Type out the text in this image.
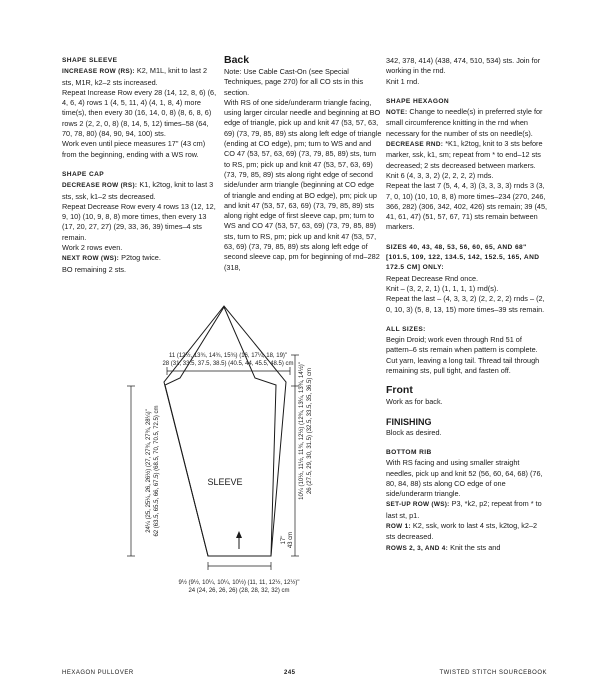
SHAPE SLEEVE

INCREASE ROW (RS): K2, M1L, knit to last 2 sts, M1R, k2–2 sts increased.

Repeat Increase Row every 28 (14, 12, 8, 6) (6, 4, 6, 4) rows 1 (4, 5, 11, 4) (4, 1, 8, 4) more time(s), then every 30 (16, 14, 0, 8) (8, 6, 8, 6) rows 2 (2, 2, 0, 8) (8, 14, 5, 12) times–58 (64, 70, 78, 80) (84, 90, 94, 100) sts.

Work even until piece measures 17" (43 cm) from the beginning, ending with a WS row.

SHAPE CAP

DECREASE ROW (RS): K1, k2tog, knit to last 3 sts, ssk, k1–2 sts decreased.

Repeat Decrease Row every 4 rows 13 (12, 12, 9, 10) (10, 9, 8, 8) more times, then every 13 (17, 20, 27, 27) (29, 33, 36, 39) times–4 sts remain.

Work 2 rows even.

NEXT ROW (WS): P2tog twice.

BO remaining 2 sts.

Back

Note: Use Cable Cast-On (see Special Techniques, page 270) for all CO sts in this section.

With RS of one side/underarm triangle facing, using larger circular needle and beginning at BO edge of triangle, pick up and knit 47 (53, 57, 63, 69) (73, 79, 85, 89) sts along left edge of triangle (ending at CO edge), pm; turn to WS and and CO 47 (53, 57, 63, 69) (73, 79, 85, 89) sts, turn to RS, pm; pick up and knit 47 (53, 57, 63, 69) (73, 79, 85, 89) sts along right edge of second side/under arm triangle (beginning at CO edge of triangle and ending at BO edge), pm; pick up and knit 47 (53, 57, 63, 69) (73, 79, 85, 89) sts along right edge of first sleeve cap, pm; turn to WS and CO 47 (53, 57, 63, 69) (73, 79, 85, 89) sts, turn to RS, pm; pick up and knit 47 (53, 57, 63, 69) (73, 79, 85, 89) sts along left edge of second sleeve cap, pm for beginning of rnd–282 (318,

342, 378, 414) (438, 474, 510, 534) sts. Join for working in the rnd.

Knit 1 rnd.

SHAPE HEXAGON

NOTE: Change to needle(s) in preferred style for small circumference knitting in the rnd when necessary for the number of sts on needle(s).

DECREASE RND: *K1, k2tog, knit to 3 sts before marker, ssk, k1, sm; repeat from * to end–12 sts decreased; 2 sts decreased between markers.

Knit 6 (4, 3, 3, 2) (2, 2, 2, 2) rnds.

Repeat the last 7 (5, 4, 4, 3) (3, 3, 3, 3) rnds 3 (3, 7, 0, 10) (10, 10, 8, 8) more times–234 (270, 246, 366, 282) (306, 342, 402, 426) sts remain; 39 (45, 41, 61, 47) (51, 57, 67, 71) sts remain between markers.

SIZES 40, 43, 48, 53, 56, 60, 65, AND 68" [101.5, 109, 122, 134.5, 142, 152.5, 165, AND 172.5 CM] ONLY:

Repeat Decrease Rnd once.

Knit – (3, 2, 2, 1) (1, 1, 1, 1) rnd(s).

Repeat the last – (4, 3, 3, 2) (2, 2, 2, 2) rnds – (2, 0, 10, 3) (5, 8, 13, 15) more times–39 sts remain.

ALL SIZES:

Begin Droid; work even through Rnd 51 of pattern–6 sts remain when pattern is complete. Cut yarn, leaving a long tail. Thread tail through remaining sts, pull tight, and fasten off.

Front

Work as for back.

FINISHING

Block as desired.

BOTTOM RIB

With RS facing and using smaller straight needles, pick up and knit 52 (56, 60, 64, 68) (76, 80, 84, 88) sts along CO edge of one side/underarm triangle.

SET-UP ROW (WS): P3, *k2, p2; repeat from * to last st, p1.

ROW 1: K2, ssk, work to last 4 sts, k2tog, k2–2 sts decreased.

ROWS 2, 3, AND 4: Knit the sts and

SLEEVE
11 (12½, 13¾, 14¾, 15¾) (16, 17¼, 18, 19)"
28 (31, 33.5, 37.5, 38.5) (40.5, 44, 45.5, 48.5) cm
24¼ (25, 25¼, 26, 26½) (27, 27¾, 27¾, 28¼)" 62 (63.5, 65.5, 66, 67.5) (68.5, 70, 70.5, 72.5) cm	10¼ (10½, 11½, 11¾, 12½) (12¾, 13¼, 13¾, 14½)" 26 (27.5, 29, 30, 31.5) (32.5, 33.5, 35, 36.5) cm
17" 43 cm
9½ (9½, 10¼, 10¼, 10½) (11, 11, 12½, 12½)"
24 (24, 26, 26, 26) (28, 28, 32, 32) cm
HEXAGON PULLOVER	245	TWISTED STITCH SOURCEBOOK
